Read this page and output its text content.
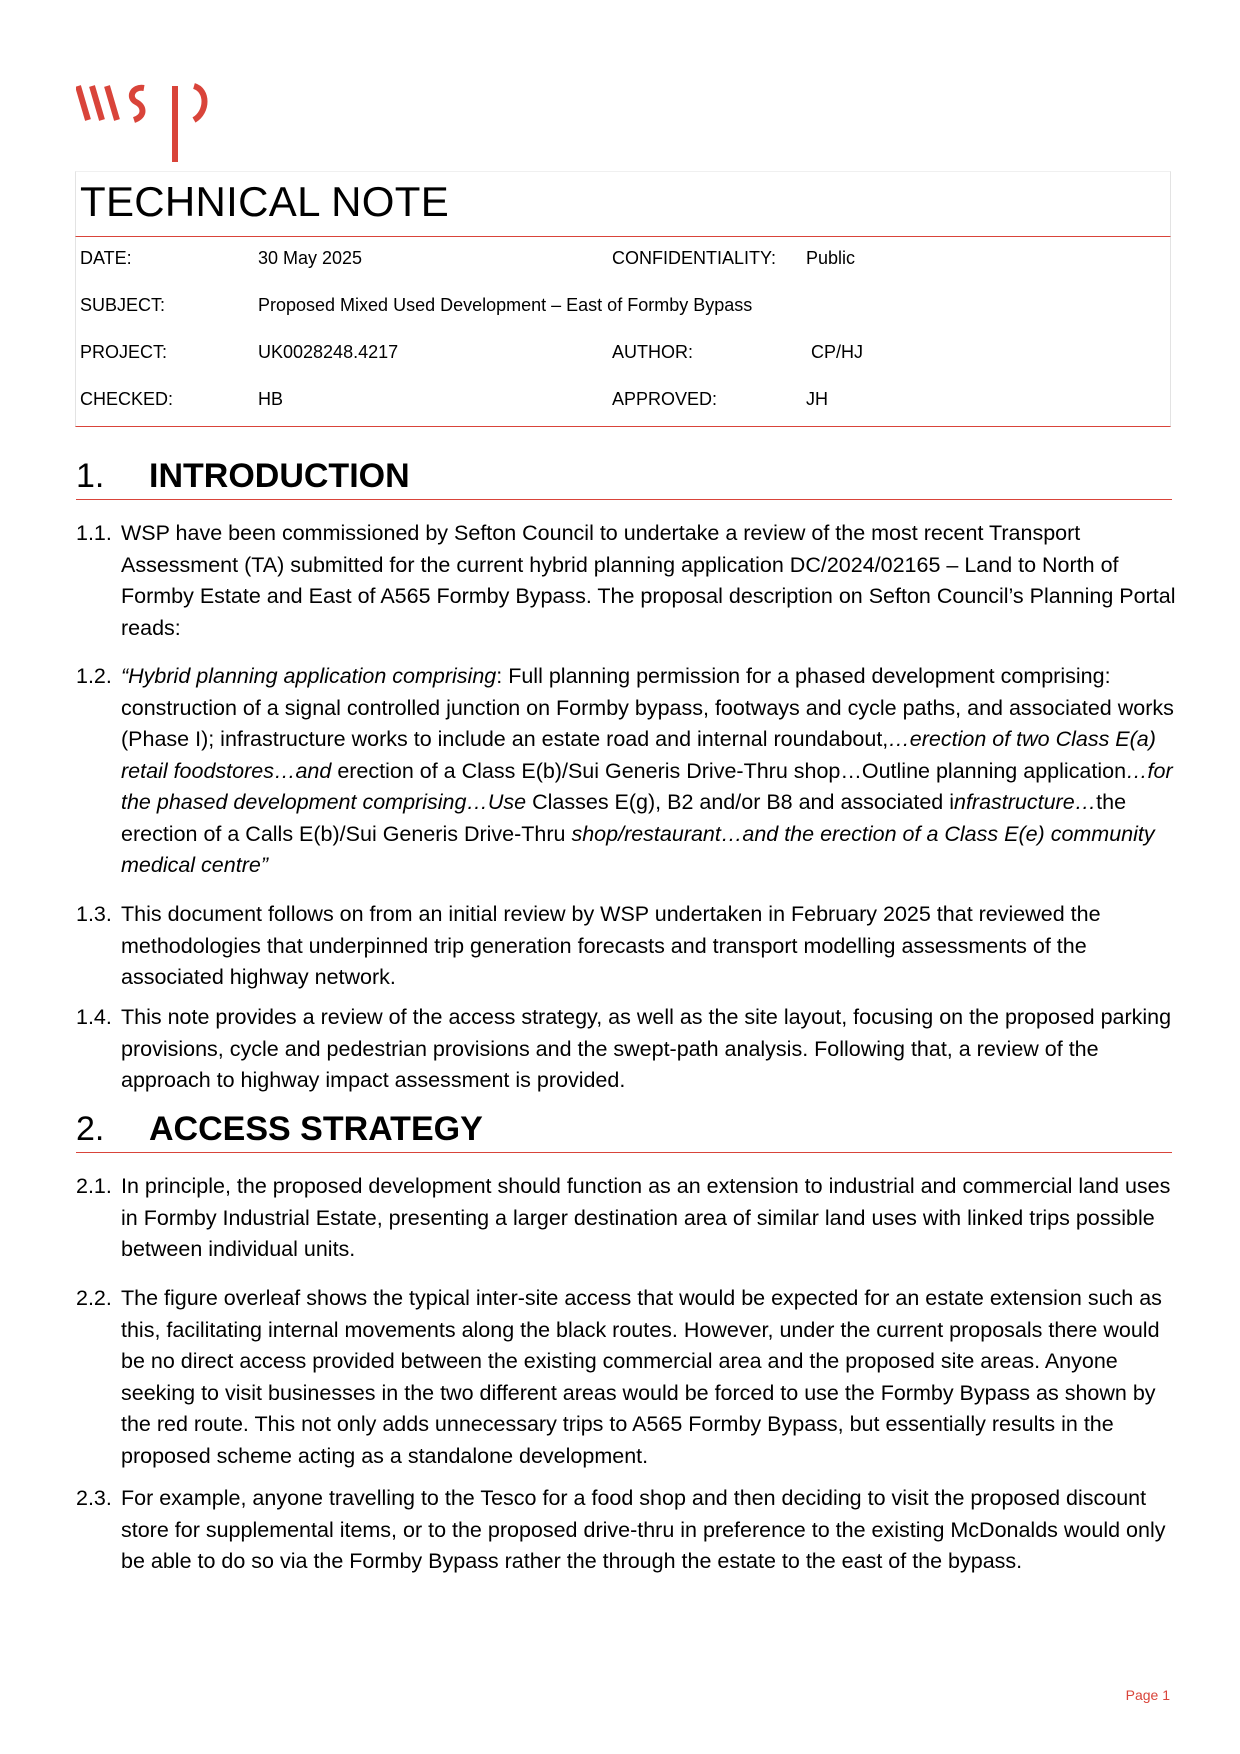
TECHNICAL NOTE
DATE:	30 May 2025	CONFIDENTIALITY: Public
SUBJECT:	Proposed Mixed Used Development – East of Formby Bypass
PROJECT:	UK0028248.4217	AUTHOR:	CP/HJ
CHECKED:	HB	APPROVED:	JH
1. INTRODUCTION
1.1. WSP have been commissioned by Sefton Council to undertake a review of the most recent Transport Assessment (TA) submitted for the current hybrid planning application DC/2024/02165 – Land to North of Formby Estate and East of A565 Formby Bypass. The proposal description on Sefton Council’s Planning Portal reads:
1.2. “Hybrid planning application comprising: Full planning permission for a phased development comprising: construction of a signal controlled junction on Formby bypass, footways and cycle paths, and associated works (Phase I); infrastructure works to include an estate road and internal roundabout,…erection of two Class E(a) retail foodstores…and erection of a Class E(b)/Sui Generis Drive-Thru shop…Outline planning application…for the phased development comprising…Use Classes E(g), B2 and/or B8 and associated infrastructure…the erection of a Calls E(b)/Sui Generis Drive-Thru shop/restaurant…and the erection of a Class E(e) community medical centre”
1.3. This document follows on from an initial review by WSP undertaken in February 2025 that reviewed the methodologies that underpinned trip generation forecasts and transport modelling assessments of the associated highway network.
1.4. This note provides a review of the access strategy, as well as the site layout, focusing on the proposed parking provisions, cycle and pedestrian provisions and the swept-path analysis. Following that, a review of the approach to highway impact assessment is provided.
2. ACCESS STRATEGY
2.1. In principle, the proposed development should function as an extension to industrial and commercial land uses in Formby Industrial Estate, presenting a larger destination area of similar land uses with linked trips possible between individual units.
2.2. The figure overleaf shows the typical inter-site access that would be expected for an estate extension such as this, facilitating internal movements along the black routes. However, under the current proposals there would be no direct access provided between the existing commercial area and the proposed site areas. Anyone seeking to visit businesses in the two different areas would be forced to use the Formby Bypass as shown by the red route. This not only adds unnecessary trips to A565 Formby Bypass, but essentially results in the proposed scheme acting as a standalone development.
2.3. For example, anyone travelling to the Tesco for a food shop and then deciding to visit the proposed discount store for supplemental items, or to the proposed drive-thru in preference to the existing McDonalds would only be able to do so via the Formby Bypass rather the through the estate to the east of the bypass.
Page 1
